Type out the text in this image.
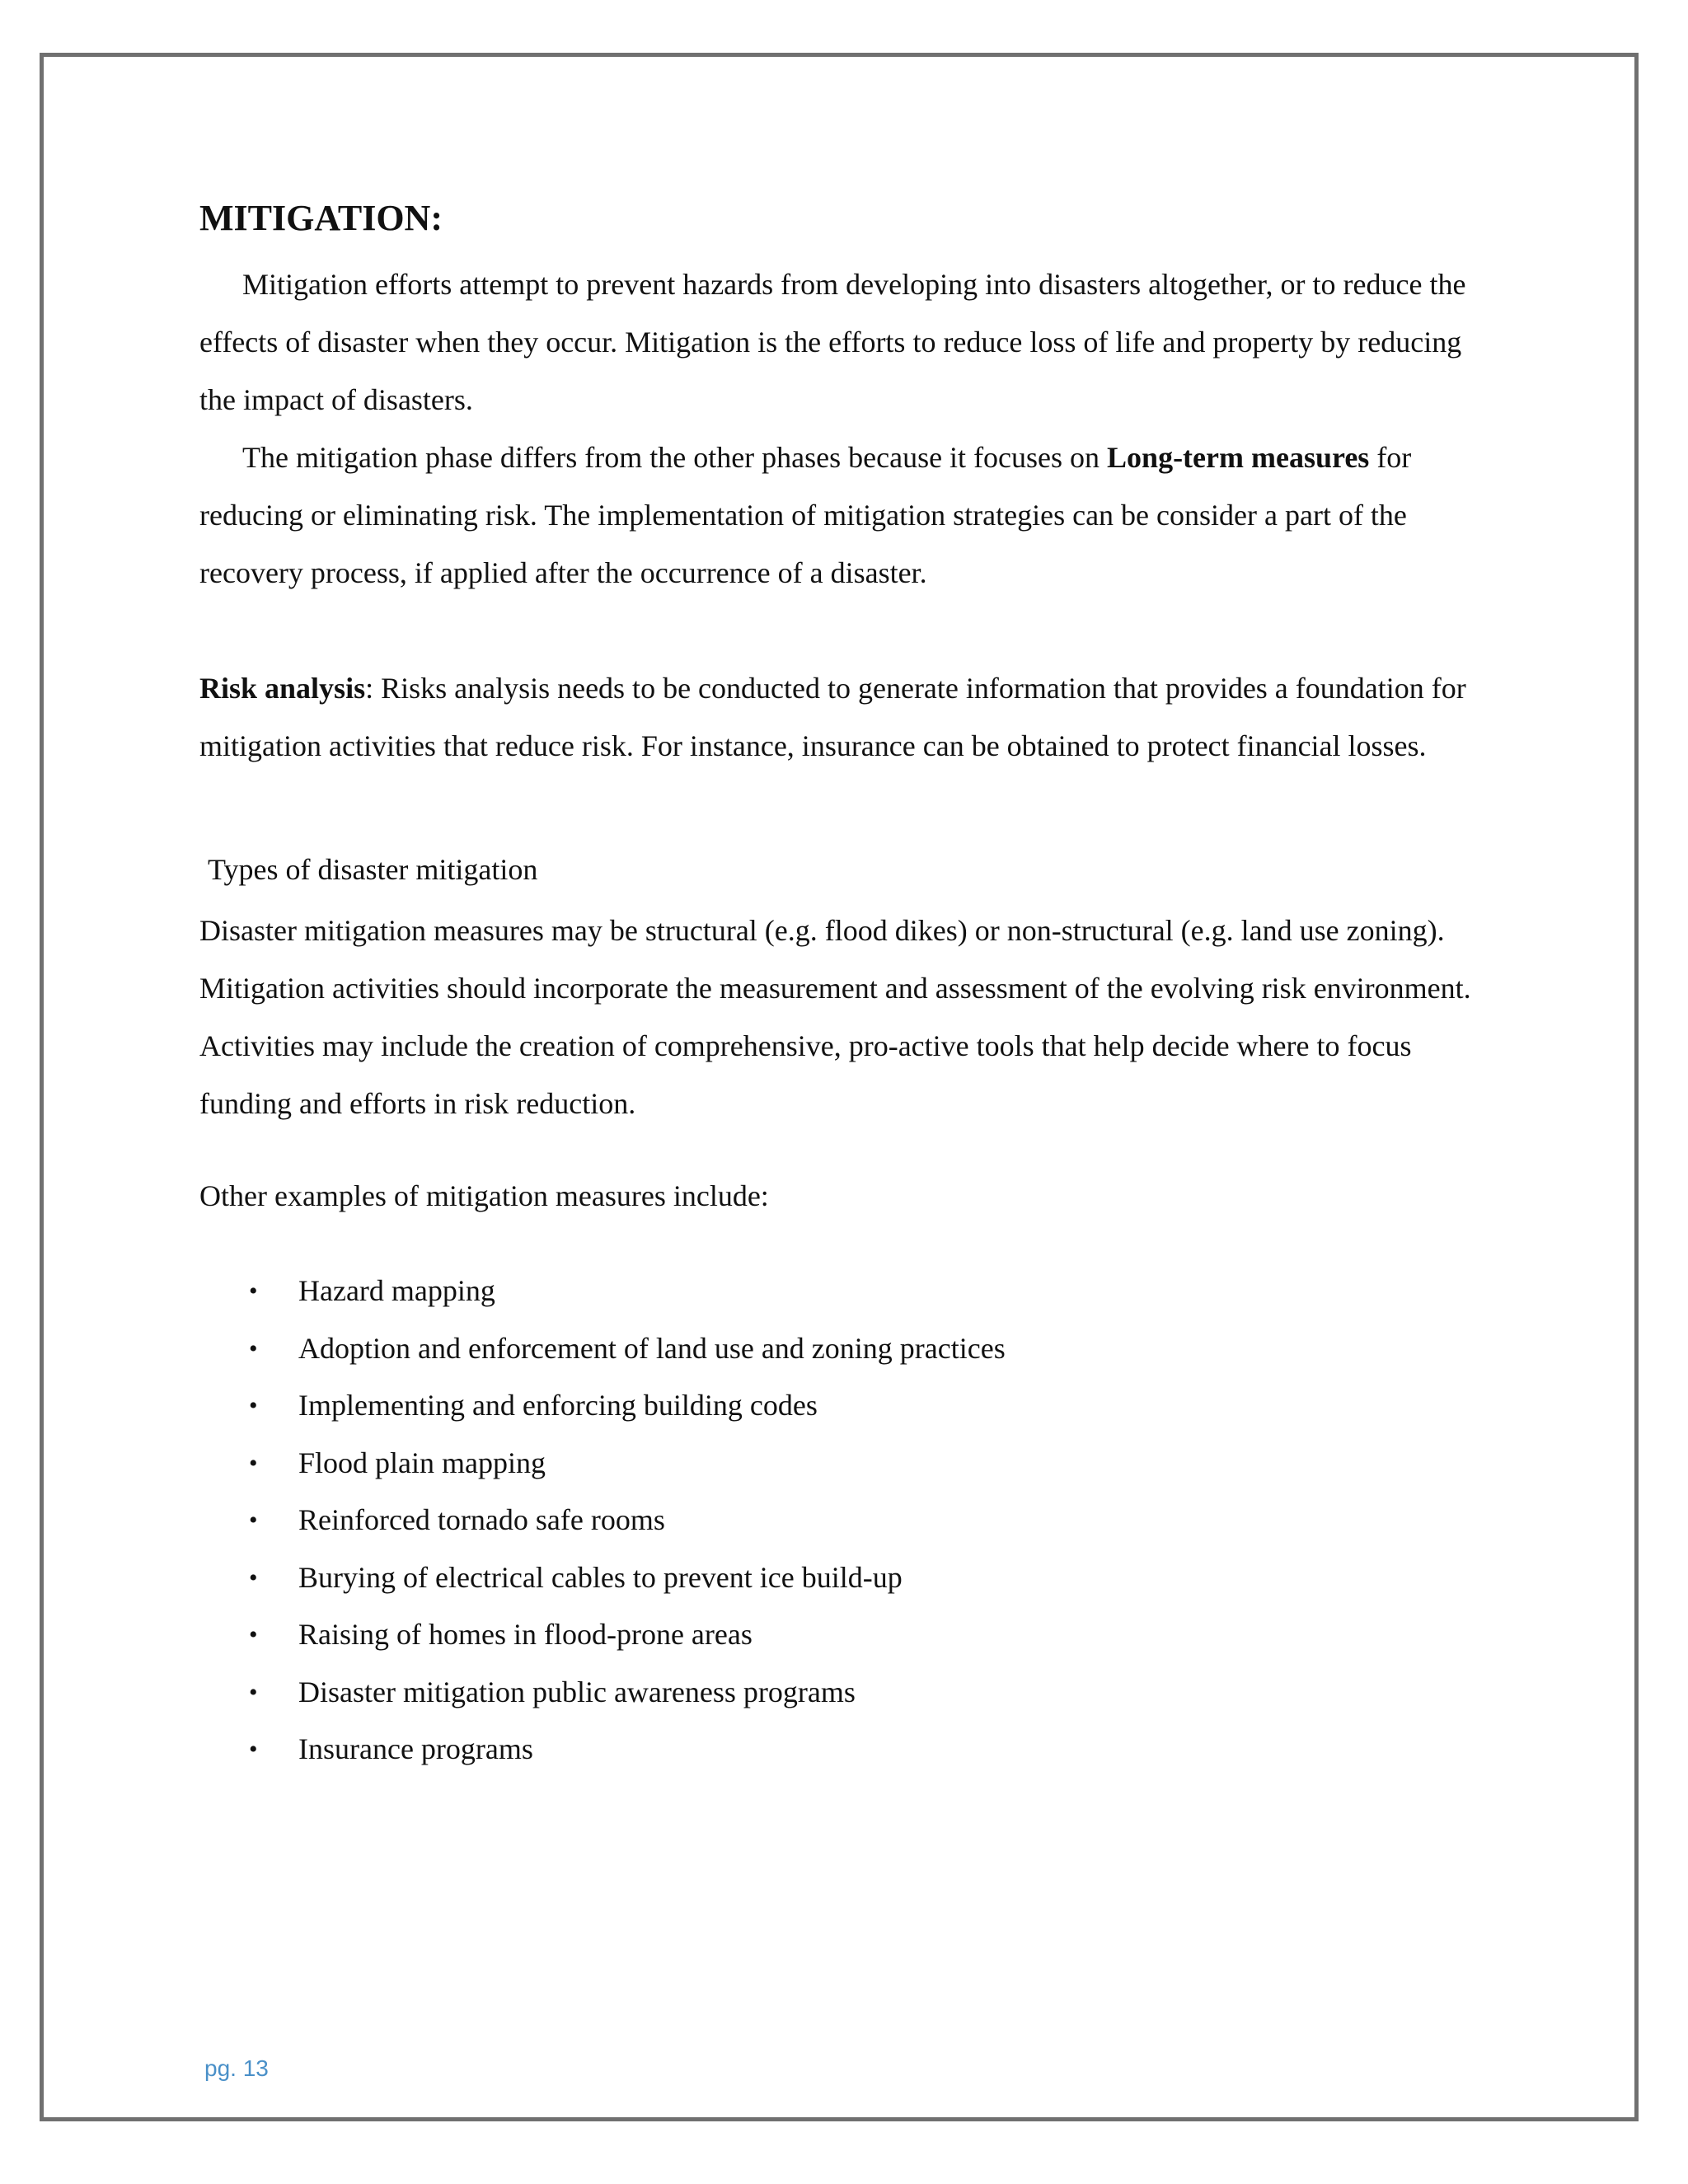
MITIGATION:

Mitigation efforts attempt to prevent hazards from developing into disasters altogether, or to reduce the effects of disaster when they occur. Mitigation is the efforts to reduce loss of life and property by reducing the impact of disasters.

The mitigation phase differs from the other phases because it focuses on Long-term measures for reducing or eliminating risk. The implementation of mitigation strategies can be consider a part of the recovery process, if applied after the occurrence of a disaster.

Risk analysis: Risks analysis needs to be conducted to generate information that provides a foundation for mitigation activities that reduce risk. For instance, insurance can be obtained to protect financial losses.

Types of disaster mitigation

Disaster mitigation measures may be structural (e.g. flood dikes) or non-structural (e.g. land use zoning). Mitigation activities should incorporate the measurement and assessment of the evolving risk environment. Activities may include the creation of comprehensive, pro-active tools that help decide where to focus funding and efforts in risk reduction.

Other examples of mitigation measures include:

• Hazard mapping
• Adoption and enforcement of land use and zoning practices
• Implementing and enforcing building codes
• Flood plain mapping
• Reinforced tornado safe rooms
• Burying of electrical cables to prevent ice build-up
• Raising of homes in flood-prone areas
• Disaster mitigation public awareness programs
• Insurance programs
pg. 13
